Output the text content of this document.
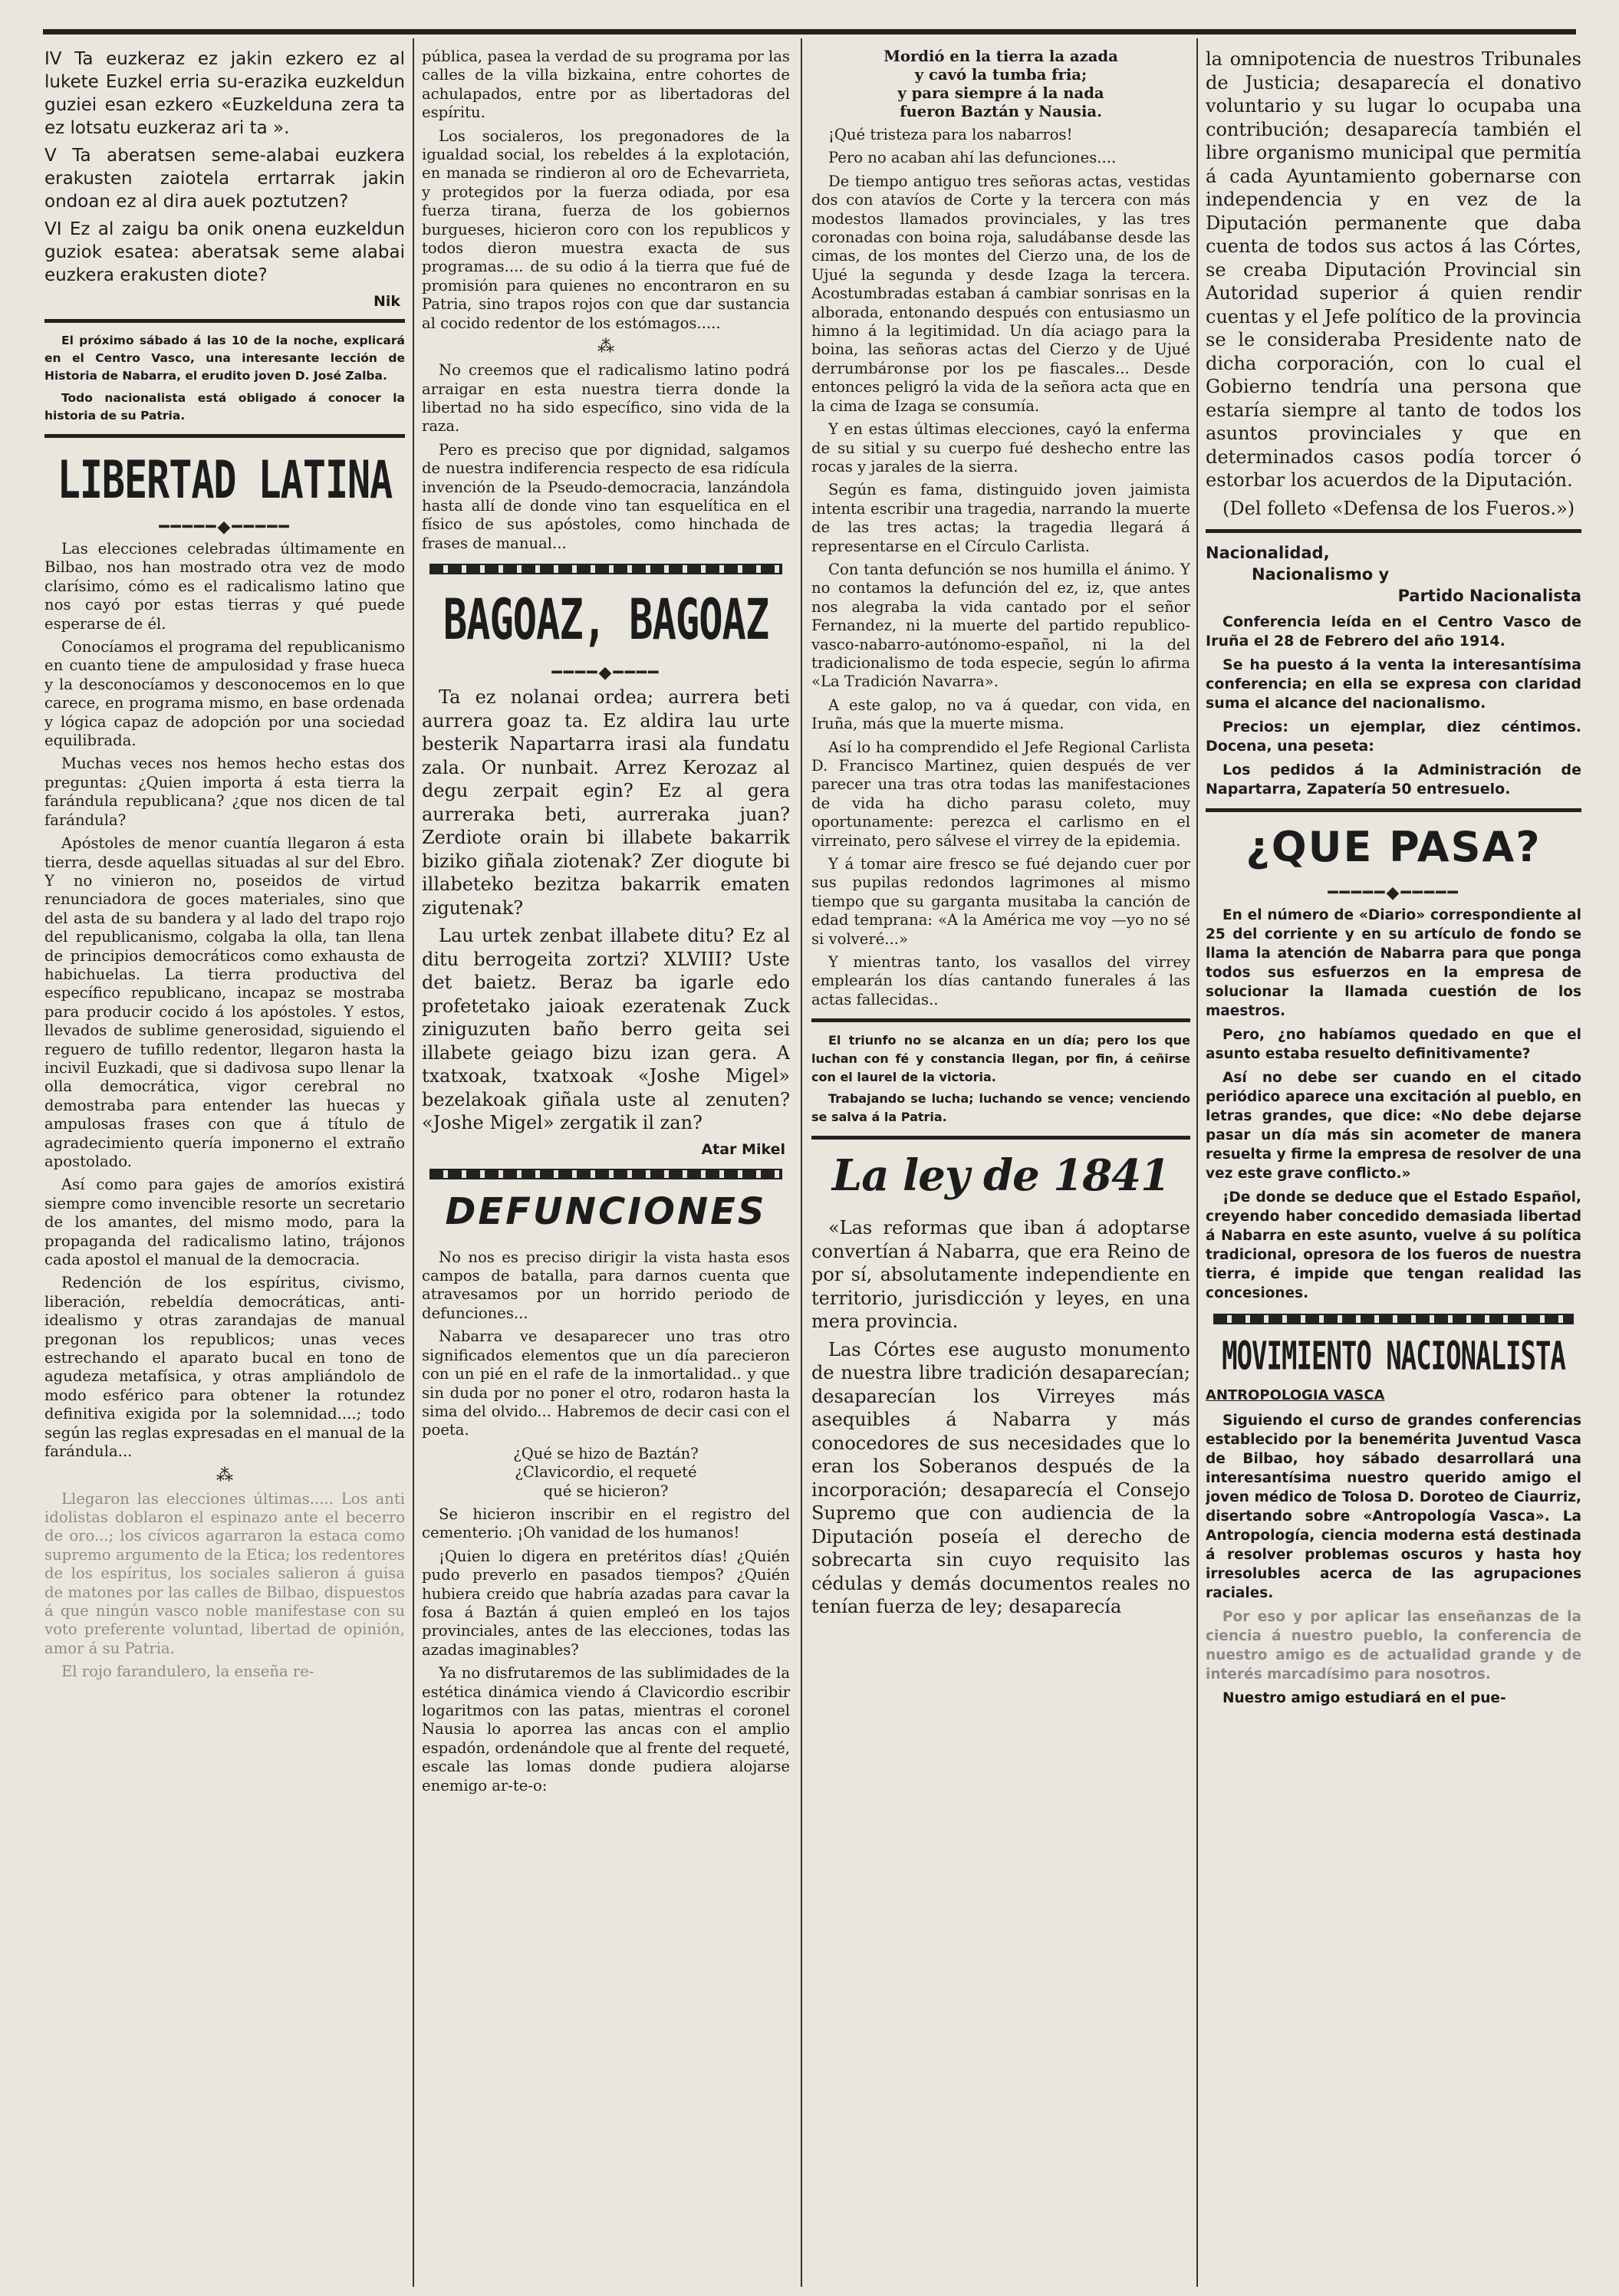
IV Ta euzkeraz ez jakin ezkero ez al lukete Euzkel erria su-erazika euzkeldun guziei esan ezkero «Euzkelduna zera ta ez lotsatu euzkeraz ari ta ».

V Ta aberatsen seme-alabai euzkera erakusten zaiotela errtarrak jakin ondoan ez al dira auek poztutzen?

VI Ez al zaigu ba onik onena euzkeldun guziok esatea: aberatsak seme alabai euzkera erakusten diote?

Nik

El próximo sábado á las 10 de la noche, explicará en el Centro Vasco, una interesante lección de Historia de Nabarra, el erudito joven D. José Zalba.

Todo nacionalista está obligado á conocer la historia de su Patria.

LIBERTAD LATINA
━━━━━◆━━━━━

Las elecciones celebradas últimamente en Bilbao, nos han mostrado otra vez de modo clarísimo, cómo es el radicalismo latino que nos cayó por estas tierras y qué puede esperarse de él.

Conocíamos el programa del republicanismo en cuanto tiene de ampulosidad y frase hueca y la desconocíamos y desconocemos en lo que carece, en programa mismo, en base ordenada y lógica capaz de adopción por una sociedad equilibrada.

Muchas veces nos hemos hecho estas dos preguntas: ¿Quien importa á esta tierra la farándula republicana? ¿que nos dicen de tal farándula?

Apóstoles de menor cuantía llegaron á esta tierra, desde aquellas situadas al sur del Ebro. Y no vinieron no, poseidos de virtud renunciadora de goces materiales, sino que del asta de su bandera y al lado del trapo rojo del republicanismo, colgaba la olla, tan llena de principios democráticos como exhausta de habichuelas. La tierra productiva del específico republicano, incapaz se mostraba para producir cocido á los apóstoles. Y estos, llevados de sublime generosidad, siguiendo el reguero de tufillo redentor, llegaron hasta la incivil Euzkadi, que si dadivosa supo llenar la olla democrática, vigor cerebral no demostraba para entender las huecas y ampulosas frases con que á título de agradecimiento quería imponerno el extraño apostolado.

Así como para gajes de amoríos existirá siempre como invencible resorte un secretario de los amantes, del mismo modo, para la propaganda del radicalismo latino, trájonos cada apostol el manual de la democracia.

Redención de los espíritus, civismo, liberación, rebeldía democráticas, anti-idealismo y otras zarandajas de manual pregonan los republicos; unas veces estrechando el aparato bucal en tono de agudeza metafísica, y otras ampliándolo de modo esférico para obtener la rotundez definitiva exigida por la solemnidad....; todo según las reglas expresadas en el manual de la farándula...

⁂

Llegaron las elecciones últimas..... Los anti idolistas doblaron el espinazo ante el becerro de oro...; los cívicos agarraron la estaca como supremo argumento de la Etica; los redentores de los espíritus, los sociales salieron á guisa de matones por las calles de Bilbao, dispuestos á que ningún vasco noble manifestase con su voto preferente voluntad, libertad de opinión, amor á su Patria.

El rojo farandulero, la enseña re-

pública, pasea la verdad de su programa por las calles de la villa bizkaina, entre cohortes de achulapados, entre por as libertadoras del espíritu.

Los socialeros, los pregonadores de la igualdad social, los rebeldes á la explotación, en manada se rindieron al oro de Echevarrieta, y protegidos por la fuerza odiada, por esa fuerza tirana, fuerza de los gobiernos burgueses, hicieron coro con los republicos y todos dieron muestra exacta de sus programas.... de su odio á la tierra que fué de promisión para quienes no encontraron en su Patria, sino trapos rojos con que dar sustancia al cocido redentor de los estómagos.....

⁂

No creemos que el radicalismo latino podrá arraigar en esta nuestra tierra donde la libertad no ha sido específico, sino vida de la raza.

Pero es preciso que por dignidad, salgamos de nuestra indiferencia respecto de esa ridícula invención de la Pseudo-democracia, lanzándola hasta allí de donde vino tan esquelítica en el físico de sus apóstoles, como hinchada de frases de manual...

BAGOAZ, BAGOAZ
━━━━◆━━━━

Ta ez nolanai ordea; aurrera beti aurrera goaz ta. Ez aldira lau urte besterik Napartarra irasi ala fundatu zala. Or nunbait. Arrez Kerozaz al degu zerpait egin? Ez al gera aurreraka beti, aurreraka juan? Zerdiote orain bi illabete bakarrik biziko giñala ziotenak? Zer diogute bi illabeteko bezitza bakarrik ematen zigutenak?

Lau urtek zenbat illabete ditu? Ez al ditu berrogeita zortzi? XLVIII? Uste det baietz. Beraz ba igarle edo profetetako jaioak ezeratenak Zuck ziniguzuten baño berro geita sei illabete geiago bizu izan gera. A txatxoak, txatxoak «Joshe Migel» bezelakoak giñala uste al zenuten? «Joshe Migel» zergatik il zan?

Atar Mikel
DEFUNCIONES

No nos es preciso dirigir la vista hasta esos campos de batalla, para darnos cuenta que atravesamos por un horrido periodo de defunciones...

Nabarra ve desaparecer uno tras otro significados elementos que un día parecieron con un pié en el rafe de la inmortalidad.. y que sin duda por no poner el otro, rodaron hasta la sima del olvido... Habremos de decir casi con el poeta.

¿Qué se hizo de Baztán?

¿Clavicordio, el requeté

qué se hicieron?

Se hicieron inscribir en el registro del cementerio. ¡Oh vanidad de los humanos!

¡Quien lo digera en pretéritos días! ¿Quién pudo preverlo en pasados tiempos? ¿Quién hubiera creido que habría azadas para cavar la fosa á Baztán á quien empleó en los tajos provinciales, antes de las elecciones, todas las azadas imaginables?

Ya no disfrutaremos de las sublimidades de la estética dinámica viendo á Clavicordio escribir logaritmos con las patas, mientras el coronel Nausia lo aporrea las ancas con el amplio espadón, ordenándole que al frente del requeté, escale las lomas donde pudiera alojarse enemigo ar-te-o:

Mordió en la tierra la azada

y cavó la tumba fria;

y para siempre á la nada

fueron Baztán y Nausia.

¡Qué tristeza para los nabarros!

Pero no acaban ahí las defunciones....

De tiempo antiguo tres señoras actas, vestidas dos con atavíos de Corte y la tercera con más modestos llamados provinciales, y las tres coronadas con boina roja, saludábanse desde las cimas, de los montes del Cierzo una, de los de Ujué la segunda y desde Izaga la tercera. Acostumbradas estaban á cambiar sonrisas en la alborada, entonando después con entusiasmo un himno á la legitimidad. Un día aciago para la boina, las señoras actas del Cierzo y de Ujué derrumbáronse por los pe fiascales... Desde entonces peligró la vida de la señora acta que en la cima de Izaga se consumía.

Y en estas últimas elecciones, cayó la enferma de su sitial y su cuerpo fué deshecho entre las rocas y jarales de la sierra.

Según es fama, distinguido joven jaimista intenta escribir una tragedia, narrando la muerte de las tres actas; la tragedia llegará á representarse en el Círculo Carlista.

Con tanta defunción se nos humilla el ánimo. Y no contamos la defunción del ez, iz, que antes nos alegraba la vida cantado por el señor Fernandez, ni la muerte del partido republico-vasco-nabarro-autónomo-español, ni la del tradicionalismo de toda especie, según lo afirma «La Tradición Navarra».

A este galop, no va á quedar, con vida, en Iruña, más que la muerte misma.

Así lo ha comprendido el Jefe Regional Carlista D. Francisco Martinez, quien después de ver parecer una tras otra todas las manifestaciones de vida ha dicho parasu coleto, muy oportunamente: perezca el carlismo en el virreinato, pero sálvese el virrey de la epidemia.

Y á tomar aire fresco se fué dejando cuer por sus pupilas redondos lagrimones al mismo tiempo que su garganta musitaba la canción de edad temprana: «A la América me voy —yo no sé si volveré...»

Y mientras tanto, los vasallos del virrey emplearán los días cantando funerales á las actas fallecidas..

El triunfo no se alcanza en un día; pero los que luchan con fé y constancia llegan, por fin, á ceñirse con el laurel de la victoria.

Trabajando se lucha; luchando se vence; venciendo se salva á la Patria.

La ley de 1841

«Las reformas que iban á adoptarse convertían á Nabarra, que era Reino de por sí, absolutamente independiente en territorio, jurisdicción y leyes, en una mera provincia.

Las Córtes ese augusto monumento de nuestra libre tradición desaparecían; desaparecían los Virreyes más asequibles á Nabarra y más conocedores de sus necesidades que lo eran los Soberanos después de la incorporación; desaparecía el Consejo Supremo que con audiencia de la Diputación poseía el derecho de sobrecarta sin cuyo requisito las cédulas y demás documentos reales no tenían fuerza de ley; desaparecía

la omnipotencia de nuestros Tribunales de Justicia; desaparecía el donativo voluntario y su lugar lo ocupaba una contribución; desaparecía también el libre organismo municipal que permitía á cada Ayuntamiento gobernarse con independencia y en vez de la Diputación permanente que daba cuenta de todos sus actos á las Córtes, se creaba Diputación Provincial sin Autoridad superior á quien rendir cuentas y el Jefe político de la provincia se le consideraba Presidente nato de dicha corporación, con lo cual el Gobierno tendría una persona que estaría siempre al tanto de todos los asuntos provinciales y que en determinados casos podía torcer ó estorbar los acuerdos de la Diputación.

(Del folleto «Defensa de los Fueros.»)

Nacionalidad,
Nacionalismo y
Partido Nacionalista

Conferencia leída en el Centro Vasco de Iruña el 28 de Febrero del año 1914.

Se ha puesto á la venta la interesantísima conferencia; en ella se expresa con claridad suma el alcance del nacionalismo.

Precios: un ejemplar, diez céntimos. Docena, una peseta:

Los pedidos á la Administración de Napartarra, Zapatería 50 entresuelo.

¿QUE PASA?
━━━━━◆━━━━━

En el número de «Diario» correspondiente al 25 del corriente y en su artículo de fondo se llama la atención de Nabarra para que ponga todos sus esfuerzos en la empresa de solucionar la llamada cuestión de los maestros.

Pero, ¿no habíamos quedado en que el asunto estaba resuelto definitivamente?

Así no debe ser cuando en el citado periódico aparece una excitación al pueblo, en letras grandes, que dice: «No debe dejarse pasar un día más sin acometer de manera resuelta y firme la empresa de resolver de una vez este grave conflicto.»

¡De donde se deduce que el Estado Español, creyendo haber concedido demasiada libertad á Nabarra en este asunto, vuelve á su política tradicional, opresora de los fueros de nuestra tierra, é impide que tengan realidad las concesiones.

MOVIMIENTO NACIONALISTA
ANTROPOLOGIA VASCA

Siguiendo el curso de grandes conferencias establecido por la benemérita Juventud Vasca de Bilbao, hoy sábado desarrollará una interesantísima nuestro querido amigo el joven médico de Tolosa D. Doroteo de Ciaurriz, disertando sobre «Antropología Vasca». La Antropología, ciencia moderna está destinada á resolver problemas oscuros y hasta hoy irresolubles acerca de las agrupaciones raciales.

Por eso y por aplicar las enseñanzas de la ciencia á nuestro pueblo, la conferencia de nuestro amigo es de actualidad grande y de interés marcadísimo para nosotros.

Nuestro amigo estudiará en el pue-
